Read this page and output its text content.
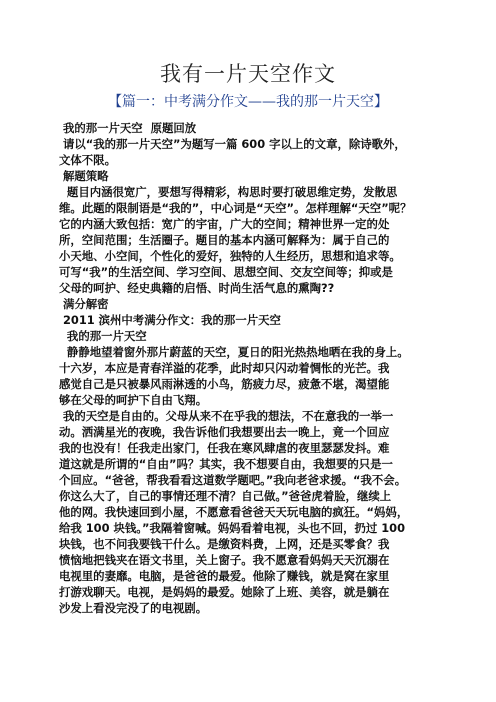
我有一片天空作文
【篇一：中考满分作文——我的那一片天空】
我的那一片天空  原题回放
请以“我的那一片天空”为题写一篇 600 字以上的文章，除诗歌外，
文体不限。
解题策略
题目内涵很宽广，要想写得精彩，构思时要打破思维定势，发散思
维。此题的限制语是“我的”，中心词是“天空”。怎样理解“天空”呢？
它的内涵大致包括：宽广的宇宙，广大的空间；精神世界一定的处
所，空间范围；生活圈子。题目的基本内涵可解释为：属于自己的
小天地、小空间，个性化的爱好，独特的人生经历，思想和追求等。
可写“我”的生活空间、学习空间、思想空间、交友空间等；抑或是
父母的呵护、经史典籍的启悟、时尚生活气息的熏陶??
满分解密
2011 滨州中考满分作文：我的那一片天空
我的那一片天空
静静地望着窗外那片蔚蓝的天空，夏日的阳光热热地晒在我的身上。
十六岁，本应是青春洋溢的花季，此时却只闪动着惆怅的光芒。我
感觉自己是只被暴风雨淋透的小鸟，筋疲力尽，疲惫不堪，渴望能
够在父母的呵护下自由飞翔。
我的天空是自由的。父母从来不在乎我的想法，不在意我的一举一
动。洒满星光的夜晚，我告诉他们我想要出去一晚上，竟一个回应
我的也没有！任我走出家门，任我在寒风肆虐的夜里瑟瑟发抖。难
道这就是所谓的“自由”吗？其实，我不想要自由，我想要的只是一
个回应。“爸爸，帮我看看这道数学题吧。”我向老爸求援。“我不会。
你这么大了，自己的事情还理不清？自己做。”爸爸虎着脸，继续上
他的网。我快速回到小屋，不愿意看爸爸天天玩电脑的疯狂。“妈妈，
给我 100 块钱。”我隔着窗喊。妈妈看着电视，头也不回，扔过 100
块钱，也不问我要钱干什么。是缴资料费，上网，还是买零食？我
愤恼地把钱夹在语文书里，关上窗子。我不愿意看妈妈天天沉溺在
电视里的妻靡。电脑，是爸爸的最爱。他除了赚钱，就是窝在家里
打游戏聊天。电视，是妈妈的最爱。她除了上班、美容，就是躺在
沙发上看没完没了的电视剧。
